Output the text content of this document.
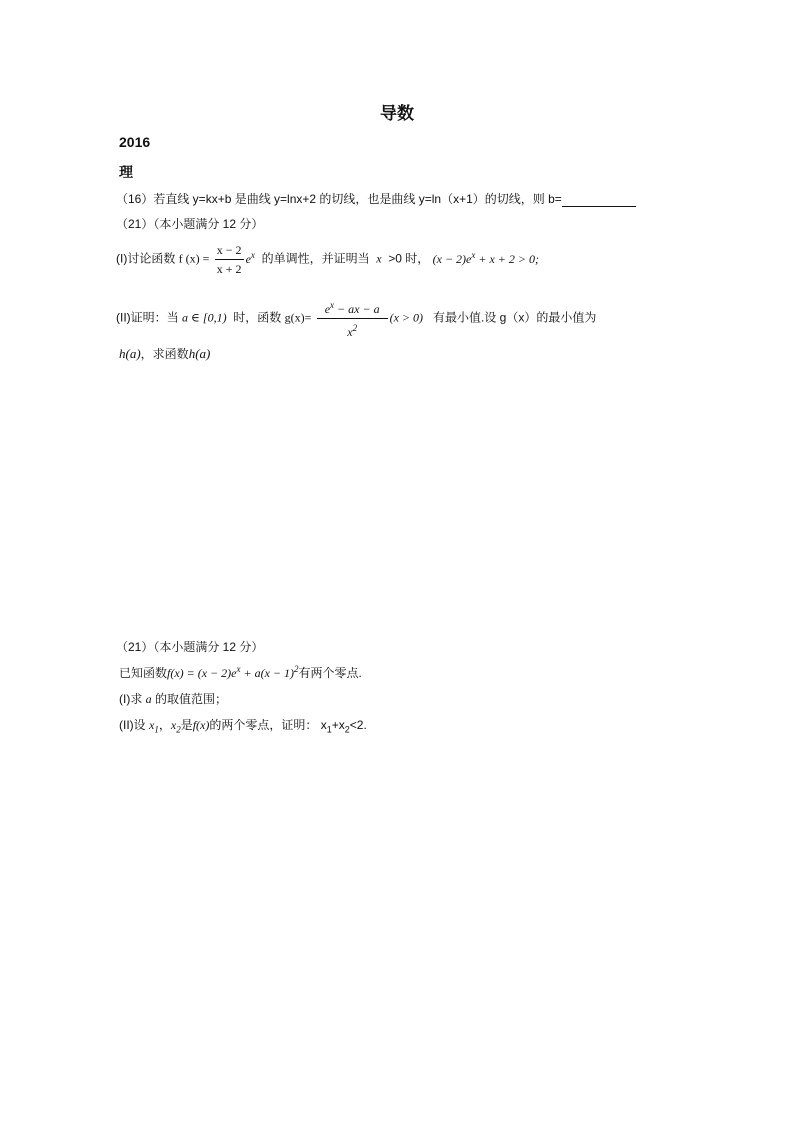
导数
2016
理
（16）若直线 y=kx+b 是曲线 y=lnx+2 的切线，也是曲线 y=ln（x+1）的切线，则 b=
（21）（本小题满分 12 分）
(I)讨论函数 f $(x) = \frac{x - 2}{x + 2} e^x$ 的单调性，并证明当 x >0 时， $(x - 2)e^x + x + 2 > 0$;
(II)证明：当 a ∈ [0,1) 时，函数 $g(x)= \frac{e^x - ax - a}{x^2} (x > 0)$ 有最小值.设 g（x）的最小值为
h(a)，求函数h(a)
（21）（本小题满分 12 分）
已知函数$f(x) = (x - 2)e^x + a(x - 1)^2$有两个零点.
(I)求 a 的取值范围；
(II)设 $x_1$，$x_2$是f(x)的两个零点，证明： $x_1+x_2<2$.
